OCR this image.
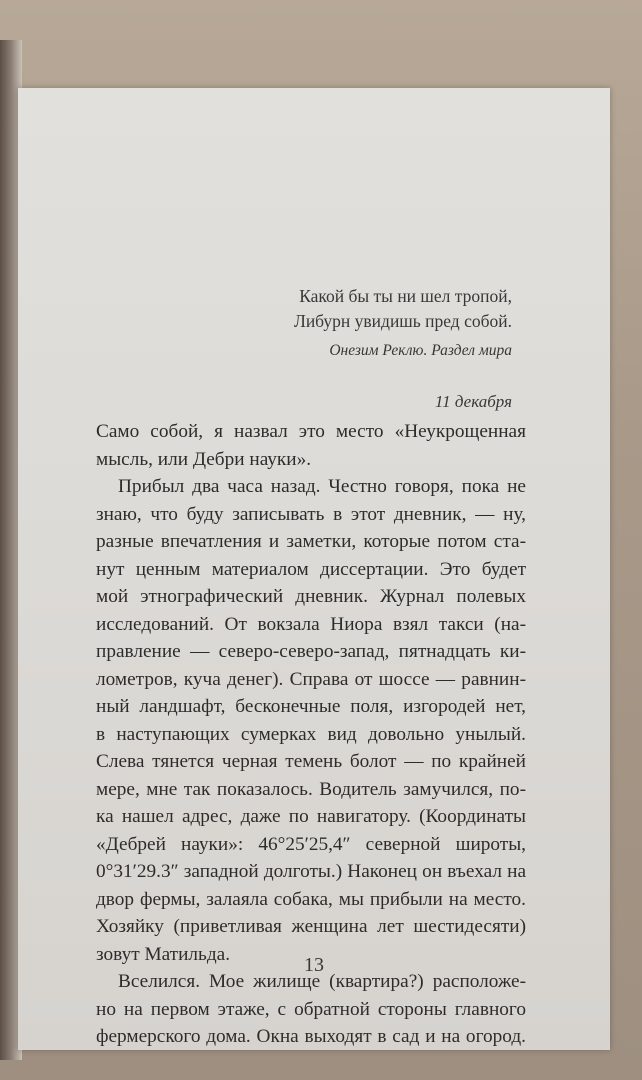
Какой бы ты ни шел тропой,
Либурн увидишь пред собой.
Онезим Реклю. Раздел мира
11 декабря
Само собой, я назвал это место «Неукрощенная
мысль, или Дебри науки».
Прибыл два часа назад. Честно говоря, пока не
знаю, что буду записывать в этот дневник, — ну,
разные впечатления и заметки, которые потом ста-
нут ценным материалом диссертации. Это будет
мой этнографический дневник. Журнал полевых
исследований. От вокзала Ниора взял такси (на-
правление — северо-северо-запад, пятнадцать ки-
лометров, куча денег). Справа от шоссе — равнин-
ный ландшафт, бесконечные поля, изгородей нет,
в наступающих сумерках вид довольно унылый.
Слева тянется черная темень болот — по крайней
мере, мне так показалось. Водитель замучился, по-
ка нашел адрес, даже по навигатору. (Координаты
«Дебрей науки»: 46°25′25,4″ северной широты,
0°31′29.3″ западной долготы.) Наконец он въехал на
двор фермы, залаяла собака, мы прибыли на место.
Хозяйку (приветливая женщина лет шестидесяти)
зовут Матильда.
Вселился. Мое жилище (квартира?) расположе-
но на первом этаже, с обратной стороны главного
фермерского дома. Окна выходят в сад и на огород.
13
